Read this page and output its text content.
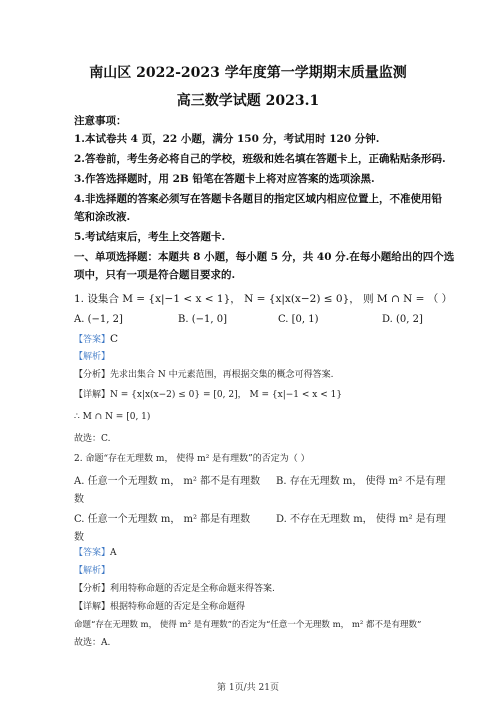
南山区 2022-2023 学年度第一学期期末质量监测
高三数学试题 2023.1
注意事项：
1.本试卷共 4 页，22 小题，满分 150 分，考试用时 120 分钟.
2.答卷前，考生务必将自己的学校，班级和姓名填在答题卡上，正确粘贴条形码.
3.作答选择题时，用 2B 铅笔在答题卡上将对应答案的选项涂黑.
4.非选择题的答案必须写在答题卡各题目的指定区域内相应位置上，不准使用铅
笔和涂改液.
5.考试结束后，考生上交答题卡.
一、单项选择题：本题共 8 小题，每小题 5 分，共 40 分.在每小题给出的四个选
项中，只有一项是符合题目要求的.
1. 设集合 M = {x|−1 < x < 1}， N = {x|x(x−2) ≤ 0}， 则 M ∩ N = （ ）
A. (−1, 2]	B. (−1, 0]	C. [0, 1)	D. (0, 2]
【答案】C
【解析】
【分析】先求出集合 N 中元素范围，再根据交集的概念可得答案.
【详解】N = {x|x(x−2) ≤ 0} = [0, 2]， M = {x|−1 < x < 1}
∴ M ∩ N = [0, 1)
故选：C.
2. 命题“存在无理数 m， 使得 m² 是有理数”的否定为（ ）
A. 任意一个无理数 m， m² 都不是有理数 B. 存在无理数 m， 使得 m² 不是有理
数
C. 任意一个无理数 m， m² 都是有理数	D. 不存在无理数 m， 使得 m² 是有理
数
【答案】A
【解析】
【分析】利用特称命题的否定是全称命题来得答案.
【详解】根据特称命题的否定是全称命题得
命题“存在无理数 m， 使得 m² 是有理数”的否定为“任意一个无理数 m， m² 都不是有理数”
故选：A.
第 1页/共 21页
